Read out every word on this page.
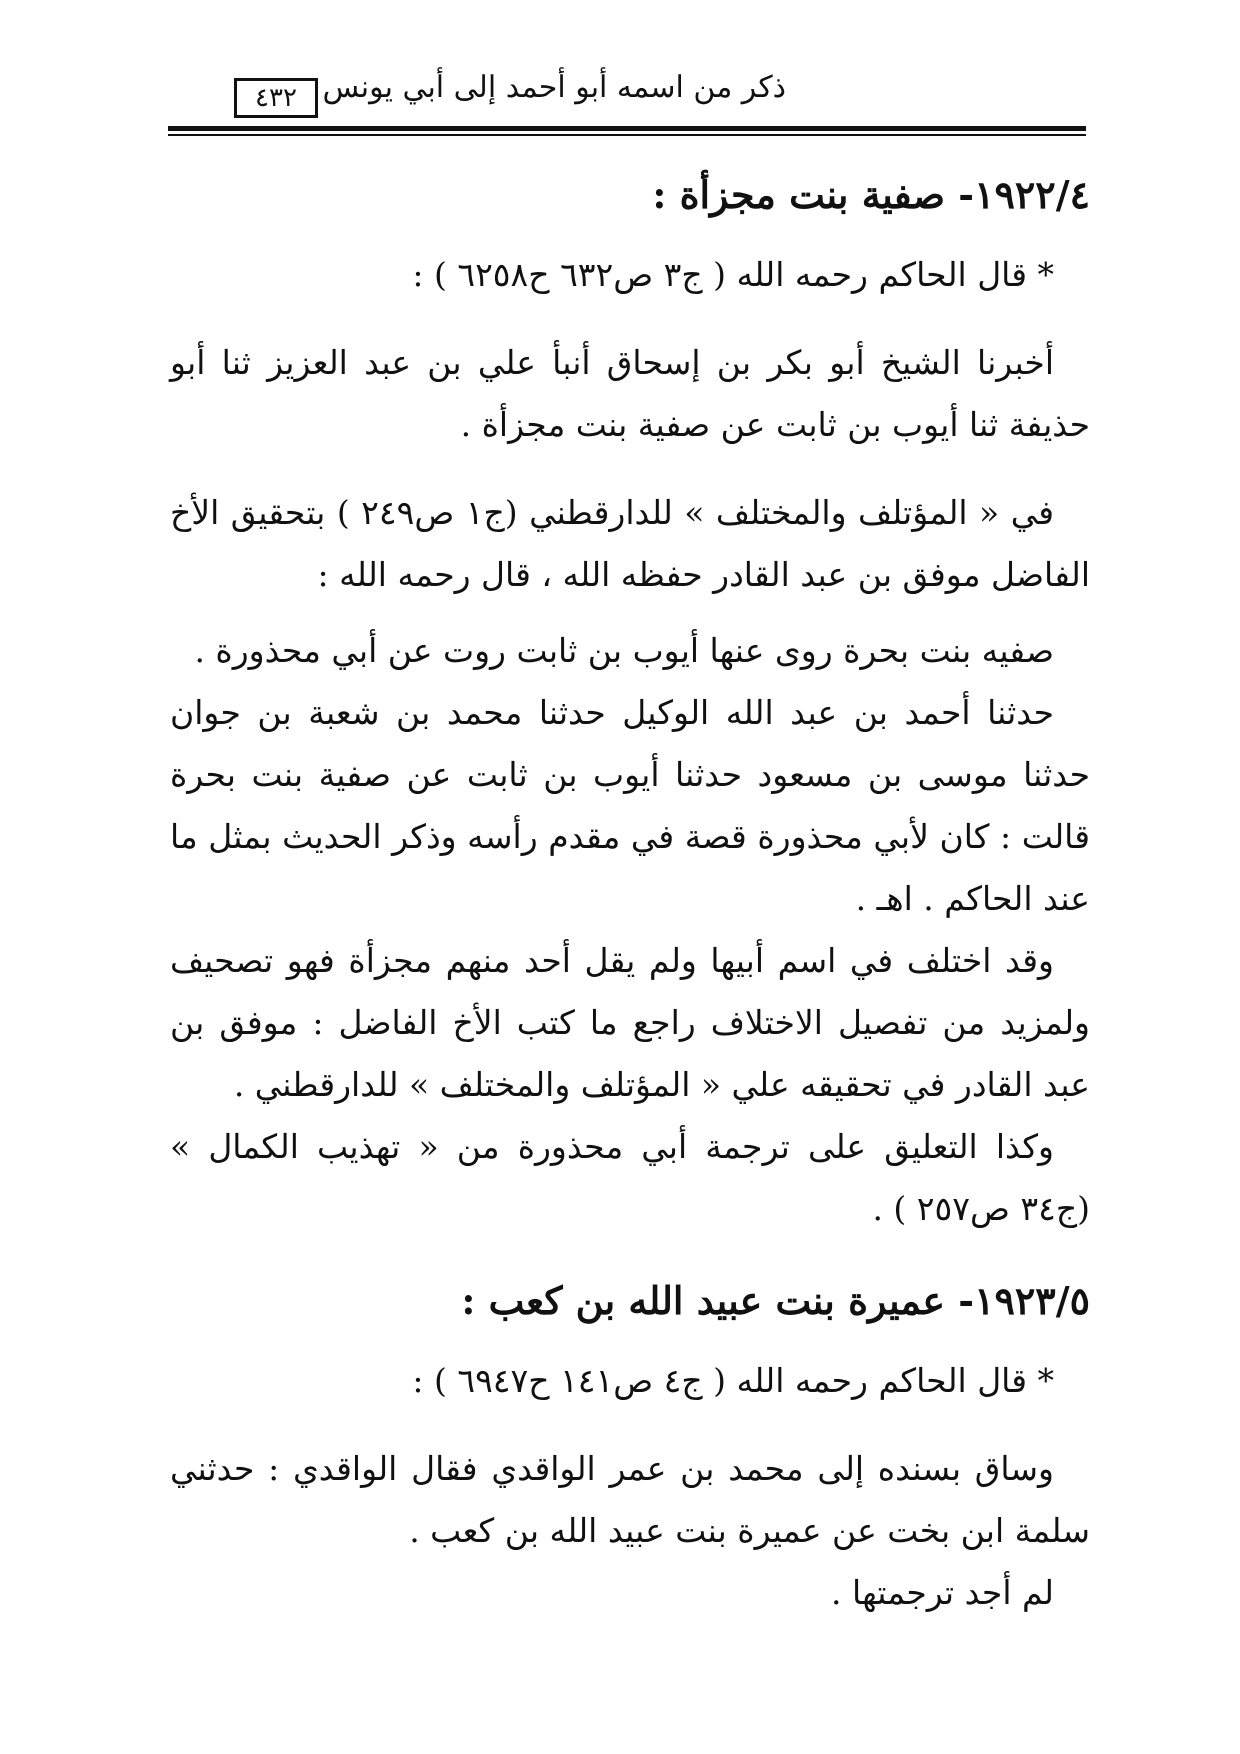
ذكر من اسمه أبو أحمد إلى أبي يونس
٤٣٢
١٩٢٢/٤- صفية بنت مجزأة :

* قال الحاكم رحمه الله ( ج٣ ص٦٣٢ ح٦٢٥٨ ) :

أخبرنا الشيخ أبو بكر بن إسحاق أنبأ علي بن عبد العزيز ثنا أبو حذيفة ثنا أيوب بن ثابت عن صفية بنت مجزأة .

في « المؤتلف والمختلف » للدارقطني (ج١ ص٢٤٩ ) بتحقيق الأخ الفاضل موفق بن عبد القادر حفظه الله ، قال رحمه الله :

صفيه بنت بحرة روى عنها أيوب بن ثابت روت عن أبي محذورة .

حدثنا أحمد بن عبد الله الوكيل حدثنا محمد بن شعبة بن جوان حدثنا موسى بن مسعود حدثنا أيوب بن ثابت عن صفية بنت بحرة قالت : كان لأبي محذورة قصة في مقدم رأسه وذكر الحديث بمثل ما عند الحاكم . اهـ .

وقد اختلف في اسم أبيها ولم يقل أحد منهم مجزأة فهو تصحيف ولمزيد من تفصيل الاختلاف راجع ما كتب الأخ الفاضل : موفق بن عبد القادر في تحقيقه علي « المؤتلف والمختلف » للدارقطني .

وكذا التعليق على ترجمة أبي محذورة من « تهذيب الكمال » (ج٣٤ ص٢٥٧ ) .

١٩٢٣/٥- عميرة بنت عبيد الله بن كعب :

* قال الحاكم رحمه الله ( ج٤ ص١٤١ ح٦٩٤٧ ) :

وساق بسنده إلى محمد بن عمر الواقدي فقال الواقدي : حدثني سلمة ابن بخت عن عميرة بنت عبيد الله بن كعب .

لم أجد ترجمتها .
